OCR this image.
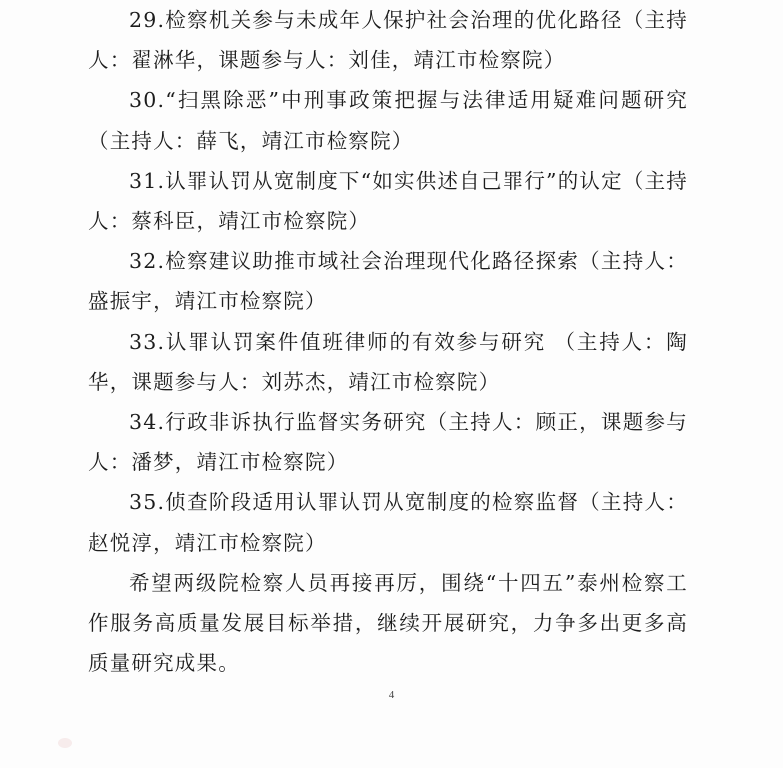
29.检察机关参与未成年人保护社会治理的优化路径（主持人：翟淋华，课题参与人：刘佳，靖江市检察院）

30.“扫黑除恶”中刑事政策把握与法律适用疑难问题研究（主持人：薛飞，靖江市检察院）

31.认罪认罚从宽制度下“如实供述自己罪行”的认定（主持人：蔡科臣，靖江市检察院）

32.检察建议助推市域社会治理现代化路径探索（主持人：盛振宇，靖江市检察院）

33.认罪认罚案件值班律师的有效参与研究 （主持人：陶华，课题参与人：刘苏杰，靖江市检察院）

34.行政非诉执行监督实务研究（主持人：顾正，课题参与人：潘梦，靖江市检察院）

35.侦查阶段适用认罪认罚从宽制度的检察监督（主持人：赵悦淳，靖江市检察院）

希望两级院检察人员再接再厉，围绕“十四五”泰州检察工作服务高质量发展目标举措，继续开展研究，力争多出更多高质量研究成果。

4
